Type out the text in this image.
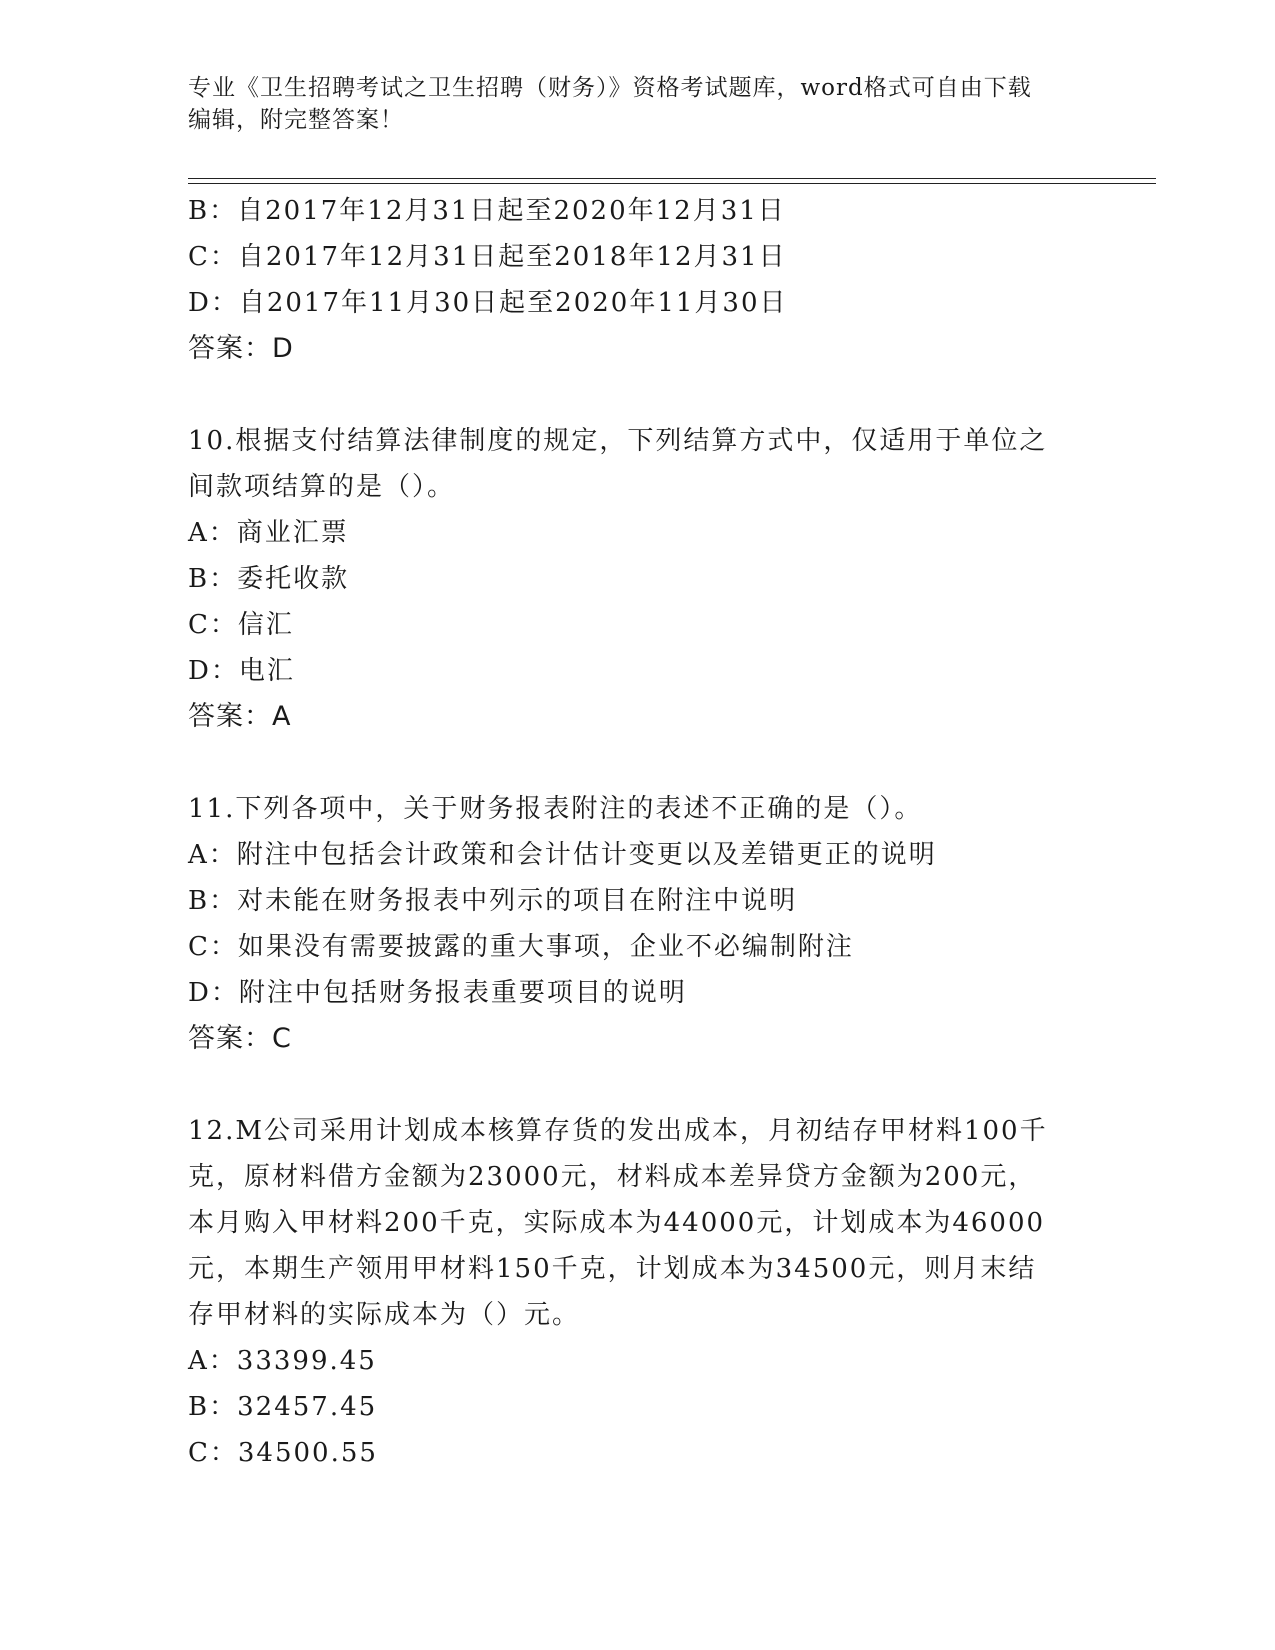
专业《卫生招聘考试之卫生招聘（财务）》资格考试题库，word格式可自由下载
编辑，附完整答案！
B：自2017年12月31日起至2020年12月31日
C：自2017年12月31日起至2018年12月31日
D：自2017年11月30日起至2020年11月30日
答案：D
10.根据支付结算法律制度的规定，下列结算方式中，仅适用于单位之
间款项结算的是（）。
A：商业汇票
B：委托收款
C：信汇
D：电汇
答案：A
11.下列各项中，关于财务报表附注的表述不正确的是（）。
A：附注中包括会计政策和会计估计变更以及差错更正的说明
B：对未能在财务报表中列示的项目在附注中说明
C：如果没有需要披露的重大事项，企业不必编制附注
D：附注中包括财务报表重要项目的说明
答案：C
12.M公司采用计划成本核算存货的发出成本，月初结存甲材料100千
克，原材料借方金额为23000元，材料成本差异贷方金额为200元，
本月购入甲材料200千克，实际成本为44000元，计划成本为46000
元，本期生产领用甲材料150千克，计划成本为34500元，则月末结
存甲材料的实际成本为（）元。
A：33399.45
B：32457.45
C：34500.55
